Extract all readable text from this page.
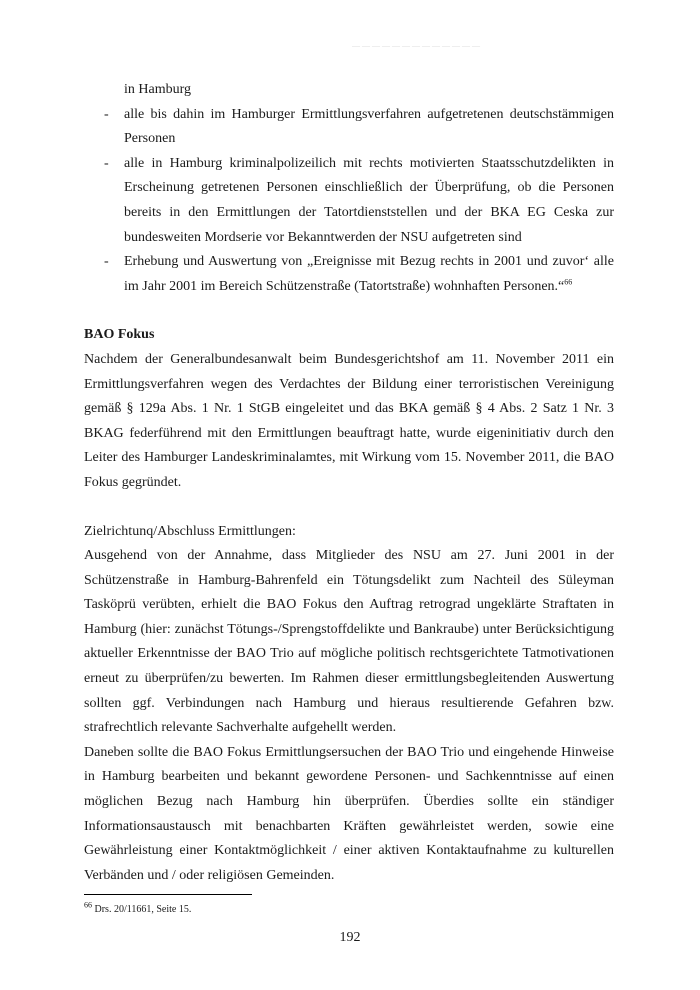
— — — — — — — — — — — — —

in Hamburg

- alle bis dahin im Hamburger Ermittlungsverfahren aufgetretenen deutschstämmigen Personen
- alle in Hamburg kriminalpolizeilich mit rechts motivierten Staatsschutzdelikten in Erscheinung getretenen Personen einschließlich der Überprüfung, ob die Personen bereits in den Ermittlungen der Tatortdienststellen und der BKA EG Ceska zur bundesweiten Mordserie vor Bekanntwerden der NSU aufgetreten sind
- Erhebung und Auswertung von „Ereignisse mit Bezug rechts in 2001 und zuvor‘ alle im Jahr 2001 im Bereich Schützenstraße (Tatortstraße) wohnhaften Personen.“$^{66}$
BAO Fokus

Nachdem der Generalbundesanwalt beim Bundesgerichtshof am 11. November 2011 ein Ermittlungsverfahren wegen des Verdachtes der Bildung einer terroristischen Vereinigung gemäß § 129a Abs. 1 Nr. 1 StGB eingeleitet und das BKA gemäß § 4 Abs. 2 Satz 1 Nr. 3 BKAG federführend mit den Ermittlungen beauftragt hatte, wurde eigeninitiativ durch den Leiter des Hamburger Landeskriminalamtes, mit Wirkung vom 15. November 2011, die BAO Fokus gegründet.

Zielrichtunq/Abschluss Ermittlungen:

Ausgehend von der Annahme, dass Mitglieder des NSU am 27. Juni 2001 in der Schützenstraße in Hamburg-Bahrenfeld ein Tötungsdelikt zum Nachteil des Süleyman Tasköprü verübten, erhielt die BAO Fokus den Auftrag retrograd ungeklärte Straftaten in Hamburg (hier: zunächst Tötungs-/Sprengstoffdelikte und Bankraube) unter Berücksichtigung aktueller Erkenntnisse der BAO Trio auf mögliche politisch rechtsgerichtete Tatmotivationen erneut zu überprüfen/zu bewerten. Im Rahmen dieser ermittlungsbegleitenden Auswertung sollten ggf. Verbindungen nach Hamburg und hieraus resultierende Gefahren bzw. strafrechtlich relevante Sachverhalte aufgehellt werden.

Daneben sollte die BAO Fokus Ermittlungsersuchen der BAO Trio und eingehende Hinweise in Hamburg bearbeiten und bekannt gewordene Personen- und Sachkenntnisse auf einen möglichen Bezug nach Hamburg hin überprüfen. Überdies sollte ein ständiger Informationsaustausch mit benachbarten Kräften gewährleistet werden, sowie eine Gewährleistung einer Kontaktmöglichkeit / einer aktiven Kontaktaufnahme zu kulturellen Verbänden und / oder religiösen Gemeinden.

$^{66}$ Drs. 20/11661, Seite 15.
192
